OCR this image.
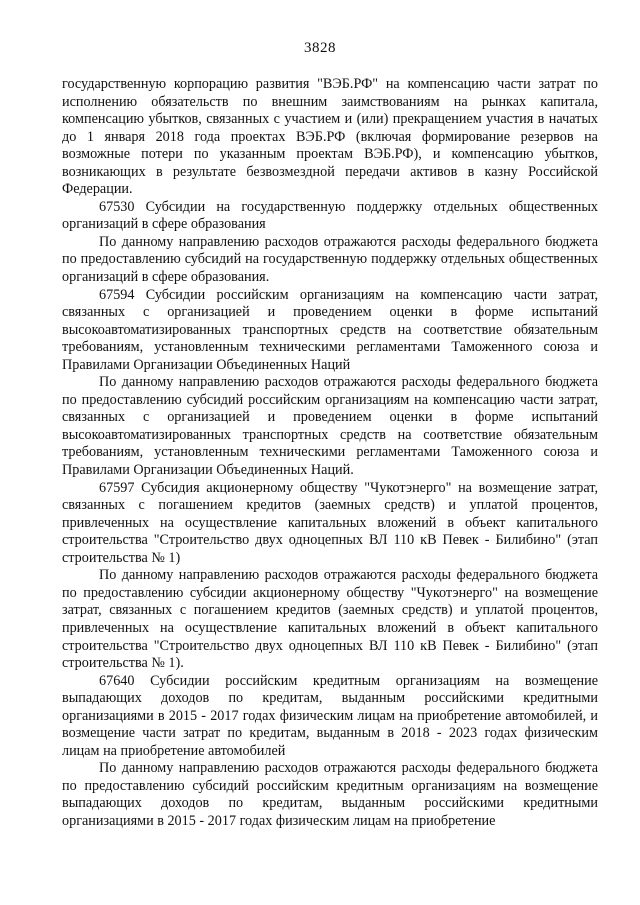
3828

государственную корпорацию развития "ВЭБ.РФ" на компенсацию части затрат по исполнению обязательств по внешним заимствованиям на рынках капитала, компенсацию убытков, связанных с участием и (или) прекращением участия в начатых до 1 января 2018 года проектах ВЭБ.РФ (включая формирование резервов на возможные потери по указанным проектам ВЭБ.РФ), и компенсацию убытков, возникающих в результате безвозмездной передачи активов в казну Российской Федерации.

67530 Субсидии на государственную поддержку отдельных общественных организаций в сфере образования

По данному направлению расходов отражаются расходы федерального бюджета по предоставлению субсидий на государственную поддержку отдельных общественных организаций в сфере образования.

67594 Субсидии российским организациям на компенсацию части затрат, связанных с организацией и проведением оценки в форме испытаний высокоавтоматизированных транспортных средств на соответствие обязательным требованиям, установленным техническими регламентами Таможенного союза и Правилами Организации Объединенных Наций

По данному направлению расходов отражаются расходы федерального бюджета по предоставлению субсидий российским организациям на компенсацию части затрат, связанных с организацией и проведением оценки в форме испытаний высокоавтоматизированных транспортных средств на соответствие обязательным требованиям, установленным техническими регламентами Таможенного союза и Правилами Организации Объединенных Наций.

67597 Субсидия акционерному обществу "Чукотэнерго" на возмещение затрат, связанных с погашением кредитов (заемных средств) и уплатой процентов, привлеченных на осуществление капитальных вложений в объект капитального строительства "Строительство двух одноцепных ВЛ 110 кВ Певек - Билибино" (этап строительства № 1)

По данному направлению расходов отражаются расходы федерального бюджета по предоставлению субсидии акционерному обществу "Чукотэнерго" на возмещение затрат, связанных с погашением кредитов (заемных средств) и уплатой процентов, привлеченных на осуществление капитальных вложений в объект капитального строительства "Строительство двух одноцепных ВЛ 110 кВ Певек - Билибино" (этап строительства № 1).

67640 Субсидии российским кредитным организациям на возмещение выпадающих доходов по кредитам, выданным российскими кредитными организациями в 2015 - 2017 годах физическим лицам на приобретение автомобилей, и возмещение части затрат по кредитам, выданным в 2018 - 2023 годах физическим лицам на приобретение автомобилей

По данному направлению расходов отражаются расходы федерального бюджета по предоставлению субсидий российским кредитным организациям на возмещение выпадающих доходов по кредитам, выданным российскими кредитными организациями в 2015 - 2017 годах физическим лицам на приобретение
